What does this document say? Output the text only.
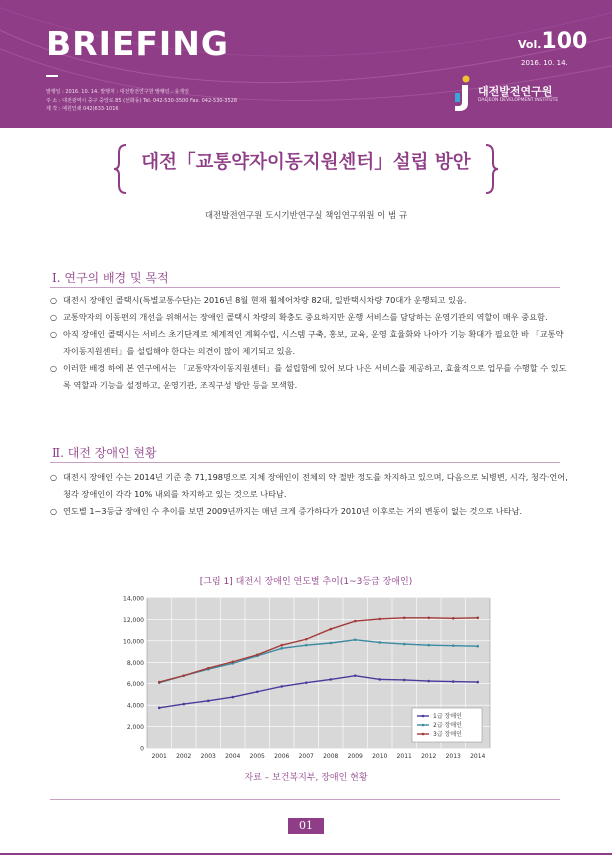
BRIEFING
발행일 : 2016. 10. 14. 발행처 : 대전발전연구원 발행인 : 유재일
주 소 : 대전광역시 중구 중앙로 85 (선화동) Tel. 042-530-3500 Fax. 042-530-3528
제 작 : 예원인쇄 042)633-1016
Vol.100
2016. 10. 14.
대전발전연구원
DAEJEON DEVELOPMENT INSTITUTE
대전「교통약자이동지원센터」설립 방안
대전발전연구원 도시기반연구실 책임연구위원 이 범 규
Ⅰ. 연구의 배경 및 목적
○ 대전시 장애인 콜택시(특별교통수단)는 2016년 8월 현재 휠체어차량 82대, 일반택시차량 70대가 운행되고 있음.
○ 교통약자의 이동편의 개선을 위해서는 장애인 콜택시 차량의 확충도 중요하지만 운행 서비스를 담당하는 운영기관의 역할이 매우 중요함.
○ 아직 장애인 콜택시는 서비스 초기단계로 체계적인 계획수립, 시스템 구축, 홍보, 교육, 운영 효율화와 나아가 기능 확대가 필요한 바 「교통약자이동지원센터」를 설립해야 한다는 의견이 많이 제기되고 있음.
○ 이러한 배경 하에 본 연구에서는 「교통약자이동지원센터」를 설립함에 있어 보다 나은 서비스를 제공하고, 효율적으로 업무를 수행할 수 있도록 역할과 기능을 설정하고, 운영기관, 조직구성 방안 등을 모색함.
Ⅱ. 대전 장애인 현황
○ 대전시 장애인 수는 2014년 기준 총 71,198명으로 지체 장애인이 전체의 약 절반 정도를 차지하고 있으며, 다음으로 뇌병변, 시각, 청각·언어, 청각 장애인이 각각 10% 내외를 차지하고 있는 것으로 나타남.
○ 연도별 1~3등급 장애인 수 추이를 보면 2009년까지는 매년 크게 증가하다가 2010년 이후로는 거의 변동이 없는 것으로 나타남.
[그림 1] 대전시 장애인 연도별 추이(1~3등급 장애인)
0
2,000
4,000
6,000
8,000
10,000
12,000
14,000
2001 2002 2003 2004 2005 2006 2007 2008 2009 2010 2011 2012 2013 2014
1급 장애인
2급 장애인
3급 장애인
자료 – 보건복지부, 장애인 현황
01
